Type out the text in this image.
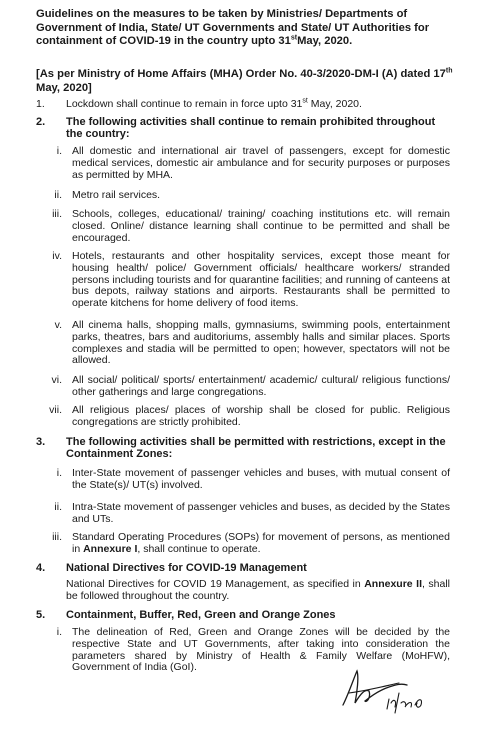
Guidelines on the measures to be taken by Ministries/ Departments of Government of India, State/ UT Governments and State/ UT Authorities for containment of COVID-19 in the country upto 31stMay, 2020.
[As per Ministry of Home Affairs (MHA) Order No. 40-3/2020-DM-I (A) dated 17th May, 2020]
1. Lockdown shall continue to remain in force upto 31st May, 2020.
2. The following activities shall continue to remain prohibited throughout the country:
i. All domestic and international air travel of passengers, except for domestic medical services, domestic air ambulance and for security purposes or purposes as permitted by MHA.
ii. Metro rail services.
iii. Schools, colleges, educational/ training/ coaching institutions etc. will remain closed. Online/ distance learning shall continue to be permitted and shall be encouraged.
iv. Hotels, restaurants and other hospitality services, except those meant for housing health/ police/ Government officials/ healthcare workers/ stranded persons including tourists and for quarantine facilities; and running of canteens at bus depots, railway stations and airports. Restaurants shall be permitted to operate kitchens for home delivery of food items.
v. All cinema halls, shopping malls, gymnasiums, swimming pools, entertainment parks, theatres, bars and auditoriums, assembly halls and similar places. Sports complexes and stadia will be permitted to open; however, spectators will not be allowed.
vi. All social/ political/ sports/ entertainment/ academic/ cultural/ religious functions/ other gatherings and large congregations.
vii. All religious places/ places of worship shall be closed for public. Religious congregations are strictly prohibited.
3. The following activities shall be permitted with restrictions, except in the Containment Zones:
i. Inter-State movement of passenger vehicles and buses, with mutual consent of the State(s)/ UT(s) involved.
ii. Intra-State movement of passenger vehicles and buses, as decided by the States and UTs.
iii. Standard Operating Procedures (SOPs) for movement of persons, as mentioned in Annexure I, shall continue to operate.
4. National Directives for COVID-19 Management
National Directives for COVID 19 Management, as specified in Annexure II, shall be followed throughout the country.
5. Containment, Buffer, Red, Green and Orange Zones
i. The delineation of Red, Green and Orange Zones will be decided by the respective State and UT Governments, after taking into consideration the parameters shared by Ministry of Health & Family Welfare (MoHFW), Government of India (GoI).
